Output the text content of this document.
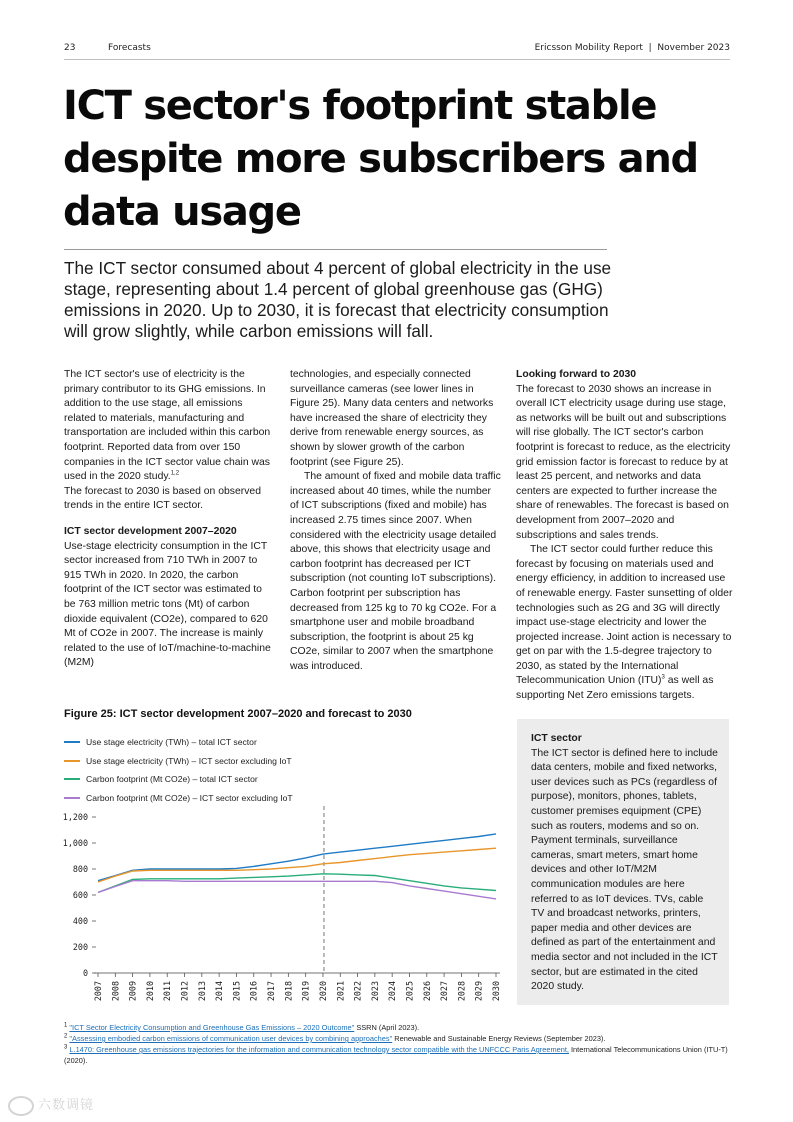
23	Forecasts	Ericsson Mobility Report  |  November 2023
ICT sector's footprint stable despite more subscribers and data usage

The ICT sector consumed about 4 percent of global electricity in the use stage, representing about 1.4 percent of global greenhouse gas (GHG) emissions in 2020. Up to 2030, it is forecast that electricity consumption will grow slightly, while carbon emissions will fall.

The ICT sector's use of electricity is the primary contributor to its GHG emissions. In addition to the use stage, all emissions related to materials, manufacturing and transportation are included within this carbon footprint. Reported data from over 150 companies in the ICT sector value chain was used in the 2020 study.$^{1,2}$

The forecast to 2030 is based on observed trends in the entire ICT sector.

ICT sector development 2007–2020

Use-stage electricity consumption in the ICT sector increased from 710 TWh in 2007 to 915 TWh in 2020. In 2020, the carbon footprint of the ICT sector was estimated to be 763 million metric tons (Mt) of carbon dioxide equivalent (CO2e), compared to 620 Mt of CO2e in 2007. The increase is mainly related to the use of IoT/machine-to-machine (M2M)

technologies, and especially connected surveillance cameras (see lower lines in Figure 25). Many data centers and networks have increased the share of electricity they derive from renewable energy sources, as shown by slower growth of the carbon footprint (see Figure 25).

The amount of fixed and mobile data traffic increased about 40 times, while the number of ICT subscriptions (fixed and mobile) has increased 2.75 times since 2007. When considered with the electricity usage detailed above, this shows that electricity usage and carbon footprint has decreased per ICT subscription (not counting IoT subscriptions). Carbon footprint per subscription has decreased from 125 kg to 70 kg CO2e. For a smartphone user and mobile broadband subscription, the footprint is about 25 kg CO2e, similar to 2007 when the smartphone was introduced.

Looking forward to 2030

The forecast to 2030 shows an increase in overall ICT electricity usage during use stage, as networks will be built out and subscriptions will rise globally. The ICT sector's carbon footprint is forecast to reduce, as the electricity grid emission factor is forecast to reduce by at least 25 percent, and networks and data centers are expected to further increase the share of renewables. The forecast is based on development from 2007–2020 and subscriptions and sales trends.

The ICT sector could further reduce this forecast by focusing on materials used and energy efficiency, in addition to increased use of renewable energy. Faster sunsetting of older technologies such as 2G and 3G will directly impact use-stage electricity and lower the projected increase. Joint action is necessary to get on par with the 1.5-degree trajectory to 2030, as stated by the International Telecommunication Union (ITU)$^3$ as well as supporting Net Zero emissions targets.

Figure 25: ICT sector development 2007–2020 and forecast to 2030
Use stage electricity (TWh) – total ICT sector
Use stage electricity (TWh) – ICT sector excluding IoT
Carbon footprint (Mt CO2e) – total ICT sector
Carbon footprint (Mt CO2e) – ICT sector excluding IoT
0
200
400
600
800
1,000
1,200
2007 2008 2009 2010 2011 2012 2013 2014 2015 2016 2017 2018 2019 2020 2021 2022 2023 2024 2025 2026 2027 2028 2029 2030

ICT sector

The ICT sector is defined here to include data centers, mobile and fixed networks, user devices such as PCs (regardless of purpose), monitors, phones, tablets, customer premises equipment (CPE) such as routers, modems and so on. Payment terminals, surveillance cameras, smart meters, smart home devices and other IoT/M2M communication modules are here referred to as IoT devices. TVs, cable TV and broadcast networks, printers, paper media and other devices are defined as part of the entertainment and media sector and not included in the ICT sector, but are estimated in the cited 2020 study.

$^1$ "ICT Sector Electricity Consumption and Greenhouse Gas Emissions – 2020 Outcome" SSRN (April 2023).
$^2$ "Assessing embodied carbon emissions of communication user devices by combining approaches" Renewable and Sustainable Energy Reviews (September 2023).
$^3$ L.1470: Greenhouse gas emissions trajectories for the information and communication technology sector compatible with the UNFCCC Paris Agreement, International Telecommunications Union (ITU-T) (2020).
六数调镜
